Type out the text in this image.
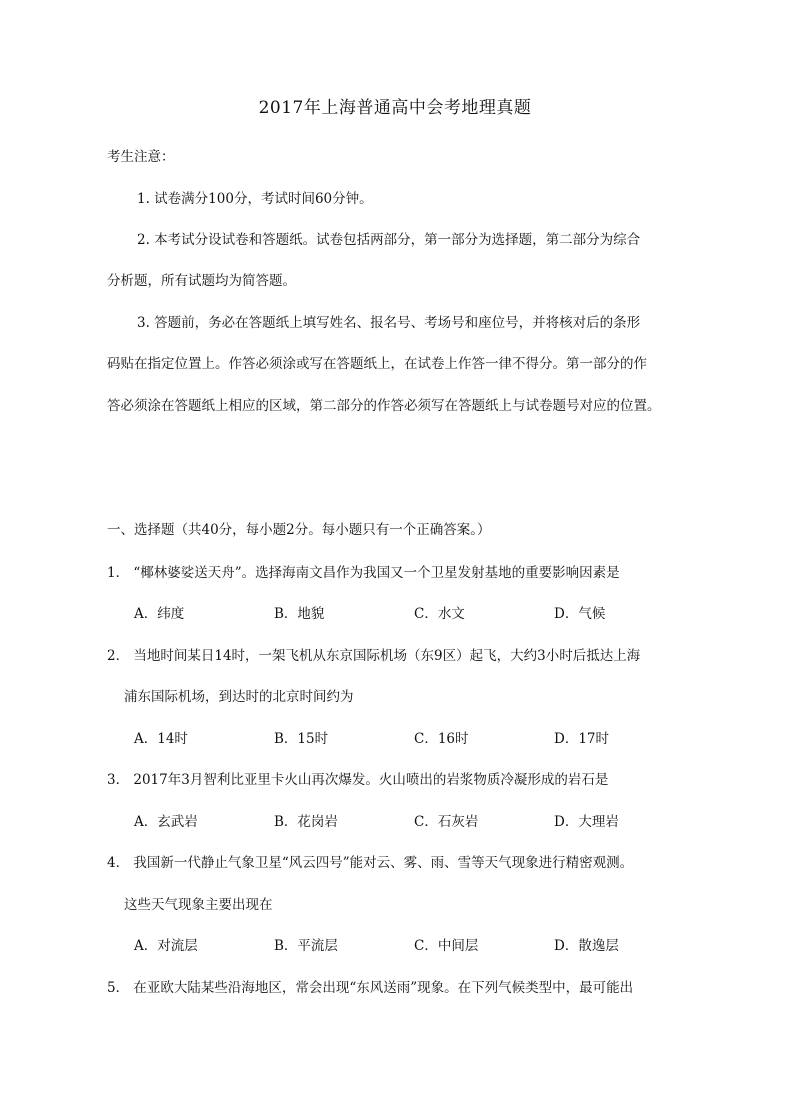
2017年上海普通高中会考地理真题
考生注意：
1. 试卷满分100分，考试时间60分钟。
2. 本考试分设试卷和答题纸。试卷包括两部分，第一部分为选择题，第二部分为综合
分析题，所有试题均为简答题。
3. 答题前，务必在答题纸上填写姓名、报名号、考场号和座位号，并将核对后的条形
码贴在指定位置上。作答必须涂或写在答题纸上，在试卷上作答一律不得分。第一部分的作
答必须涂在答题纸上相应的区域，第二部分的作答必须写在答题纸上与试卷题号对应的位置。
一、选择题（共40分，每小题2分。每小题只有一个正确答案。）
1． “椰林婆娑送天舟”。选择海南文昌作为我国又一个卫星发射基地的重要影响因素是
A．纬度	B．地貌	C．水文	D．气候
2． 当地时间某日14时，一架飞机从东京国际机场（东9区）起飞，大约3小时后抵达上海
浦东国际机场，到达时的北京时间约为
A．14时	B．15时	C．16时	D．17时
3． 2017年3月智利比亚里卡火山再次爆发。火山喷出的岩浆物质冷凝形成的岩石是
A．玄武岩	B．花岗岩	C．石灰岩	D．大理岩
4． 我国新一代静止气象卫星“风云四号”能对云、雾、雨、雪等天气现象进行精密观测。
这些天气现象主要出现在
A．对流层	B．平流层	C．中间层	D．散逸层
5． 在亚欧大陆某些沿海地区，常会出现“东风送雨”现象。在下列气候类型中，最可能出
